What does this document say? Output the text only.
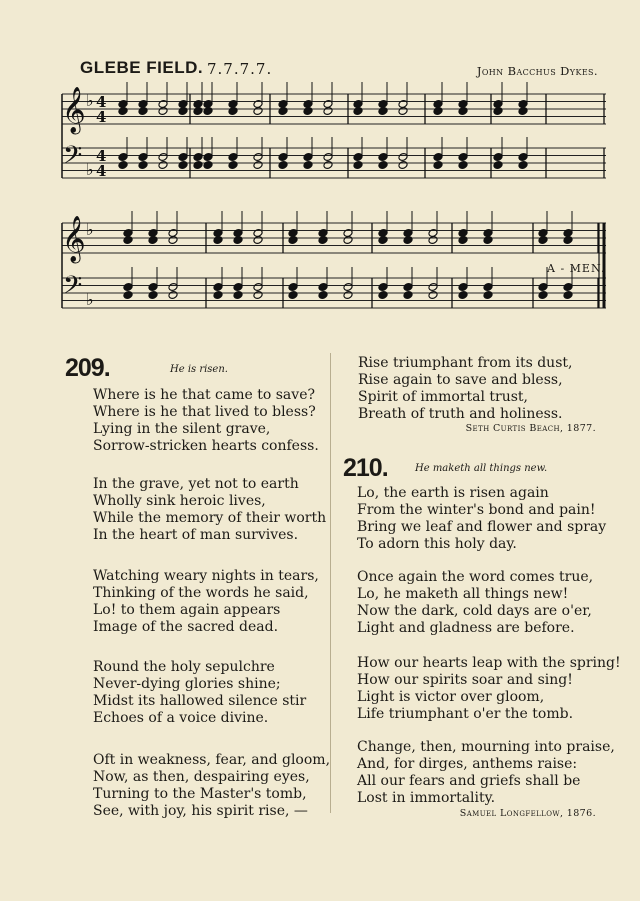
GLEBE FIELD. 7.7.7.7.	John Bacchus Dykes.
𝄞 ♭ 4
4
𝄢 ♭
4
4
𝄞 ♭
𝄢 ♭
A - MEN.
209.	He is risen.
Where is he that came to save?
Where is he that lived to bless?
Lying in the silent grave,
Sorrow-stricken hearts confess.
In the grave, yet not to earth
Wholly sink heroic lives,
While the memory of their worth
In the heart of man survives.
Watching weary nights in tears,
Thinking of the words he said,
Lo! to them again appears
Image of the sacred dead.
Round the holy sepulchre
Never-dying glories shine;
Midst its hallowed silence stir
Echoes of a voice divine.
Oft in weakness, fear, and gloom,
Now, as then, despairing eyes,
Turning to the Master's tomb,
See, with joy, his spirit rise, —
Rise triumphant from its dust,
Rise again to save and bless,
Spirit of immortal trust,
Breath of truth and holiness.
Seth Curtis Beach, 1877.
210.	He maketh all things new.
Lo, the earth is risen again
From the winter's bond and pain!
Bring we leaf and flower and spray
To adorn this holy day.
Once again the word comes true,
Lo, he maketh all things new!
Now the dark, cold days are o'er,
Light and gladness are before.
How our hearts leap with the spring!
How our spirits soar and sing!
Light is victor over gloom,
Life triumphant o'er the tomb.
Change, then, mourning into praise,
And, for dirges, anthems raise:
All our fears and griefs shall be
Lost in immortality.
Samuel Longfellow, 1876.
